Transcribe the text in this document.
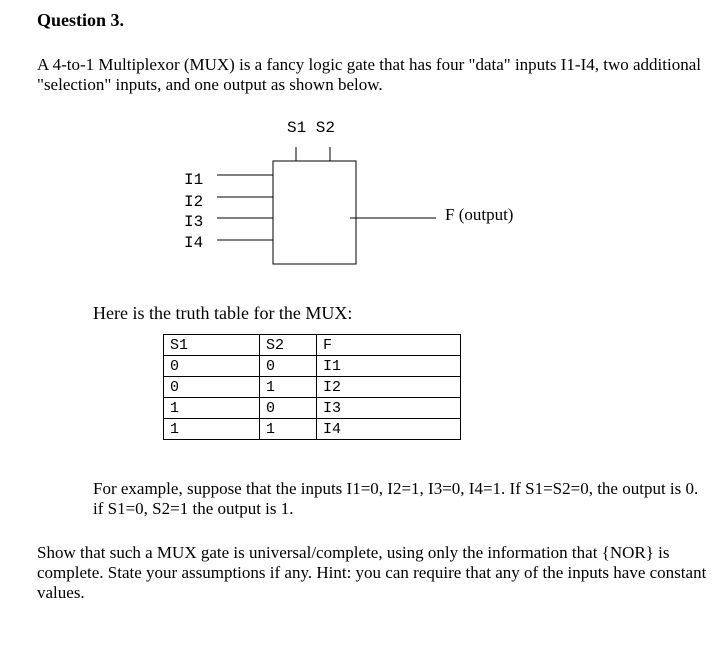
Question 3.
A 4-to-1 Multiplexor (MUX) is a fancy logic gate that has four "data" inputs I1-I4, two additional "selection" inputs, and one output as shown below.
S1 S2
I1
I2
I3
I4
F (output)
Here is the truth table for the MUX:
S1	S2	F
0	0	I1
0	1	I2
1	0	I3
1	1	I4
For example, suppose that the inputs I1=0, I2=1, I3=0, I4=1. If S1=S2=0, the output is 0. if S1=0, S2=1 the output is 1.
Show that such a MUX gate is universal/complete, using only the information that {NOR} is complete. State your assumptions if any. Hint: you can require that any of the inputs have constant values.
